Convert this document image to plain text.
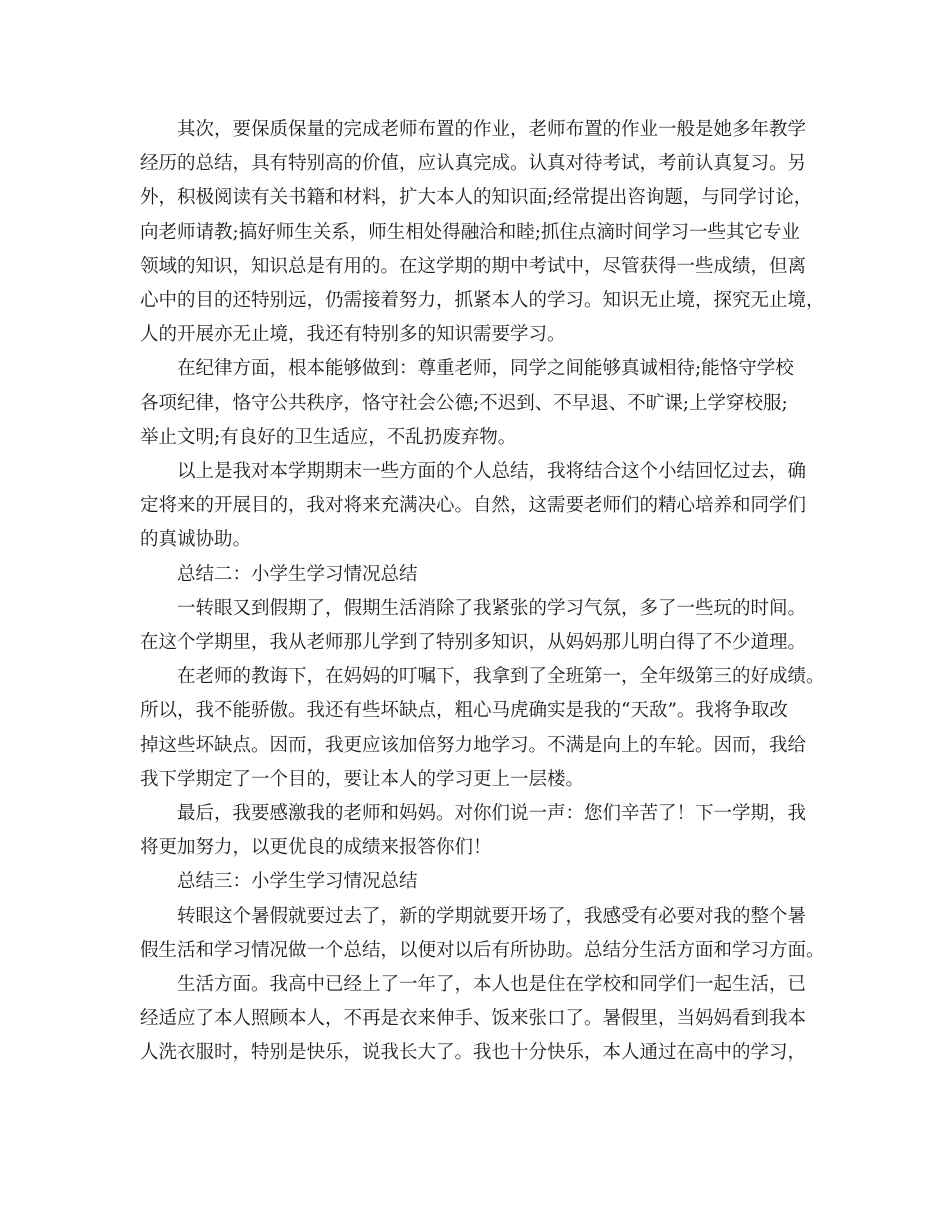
其次，要保质保量的完成老师布置的作业，老师布置的作业一般是她多年教学
经历的总结，具有特别高的价值，应认真完成。认真对待考试，考前认真复习。另
外，积极阅读有关书籍和材料，扩大本人的知识面;经常提出咨询题，与同学讨论，
向老师请教;搞好师生关系，师生相处得融洽和睦;抓住点滴时间学习一些其它专业
领域的知识，知识总是有用的。在这学期的期中考试中，尽管获得一些成绩，但离
心中的目的还特别远，仍需接着努力，抓紧本人的学习。知识无止境，探究无止境，
人的开展亦无止境，我还有特别多的知识需要学习。
在纪律方面，根本能够做到：尊重老师，同学之间能够真诚相待;能恪守学校
各项纪律，恪守公共秩序，恪守社会公德;不迟到、不早退、不旷课;上学穿校服;
举止文明;有良好的卫生适应，不乱扔废弃物。
以上是我对本学期期末一些方面的个人总结，我将结合这个小结回忆过去，确
定将来的开展目的，我对将来充满决心。自然，这需要老师们的精心培养和同学们
的真诚协助。
总结二：小学生学习情况总结
一转眼又到假期了，假期生活消除了我紧张的学习气氛，多了一些玩的时间。
在这个学期里，我从老师那儿学到了特别多知识，从妈妈那儿明白得了不少道理。
在老师的教诲下，在妈妈的叮嘱下，我拿到了全班第一，全年级第三的好成绩。
所以，我不能骄傲。我还有些坏缺点，粗心马虎确实是我的“天敌”。我将争取改
掉这些坏缺点。因而，我更应该加倍努力地学习。不满是向上的车轮。因而，我给
我下学期定了一个目的，要让本人的学习更上一层楼。
最后，我要感激我的老师和妈妈。对你们说一声：您们辛苦了！下一学期，我
将更加努力，以更优良的成绩来报答你们！
总结三：小学生学习情况总结
转眼这个暑假就要过去了，新的学期就要开场了，我感受有必要对我的整个暑
假生活和学习情况做一个总结，以便对以后有所协助。总结分生活方面和学习方面。
生活方面。我高中已经上了一年了，本人也是住在学校和同学们一起生活，已
经适应了本人照顾本人，不再是衣来伸手、饭来张口了。暑假里，当妈妈看到我本
人洗衣服时，特别是快乐，说我长大了。我也十分快乐，本人通过在高中的学习，
